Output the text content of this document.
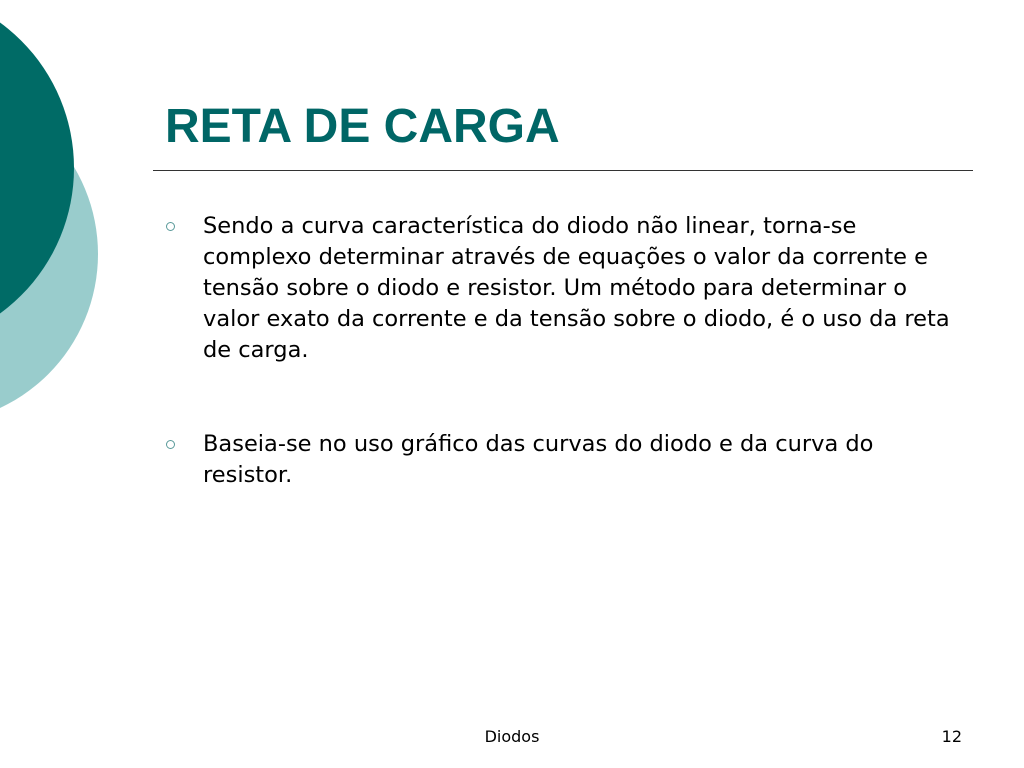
RETA DE CARGA
Sendo a curva característica do diodo não linear, torna-se complexo determinar através de equações o valor da corrente e tensão sobre o diodo e resistor. Um método para determinar o valor exato da corrente e da tensão sobre o diodo, é o uso da reta de carga.
Baseia-se no uso gráfico das curvas do diodo e da curva do resistor.
Diodos	12
